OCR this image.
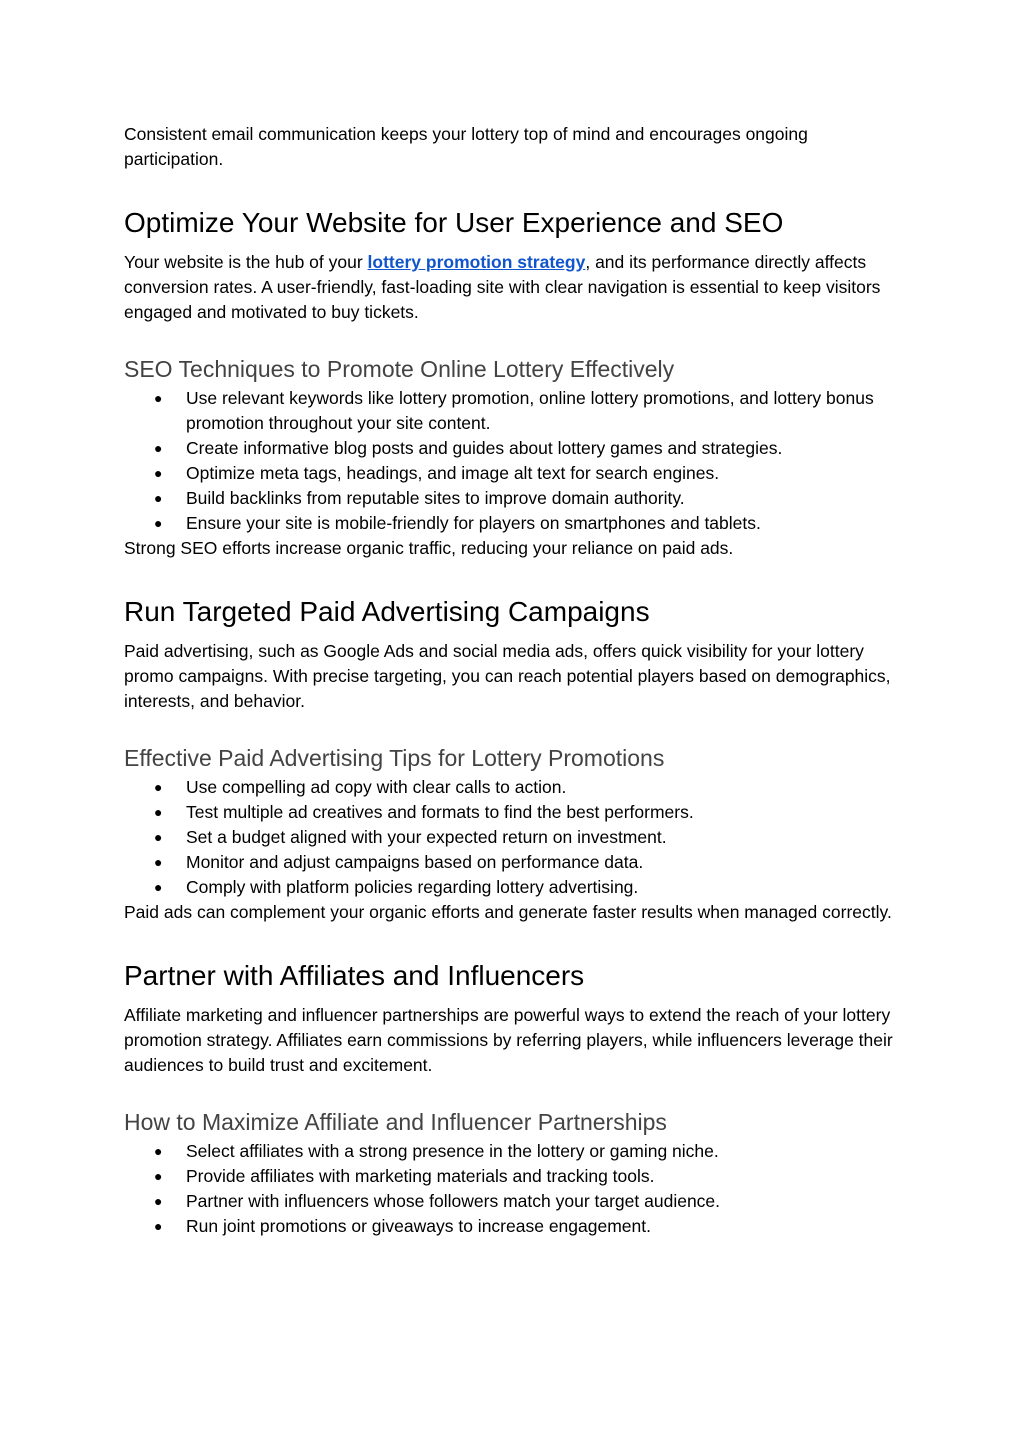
Consistent email communication keeps your lottery top of mind and encourages ongoing participation.

Optimize Your Website for User Experience and SEO

Your website is the hub of your lottery promotion strategy, and its performance directly affects conversion rates. A user-friendly, fast-loading site with clear navigation is essential to keep visitors engaged and motivated to buy tickets.

SEO Techniques to Promote Online Lottery Effectively
● Use relevant keywords like lottery promotion, online lottery promotions, and lottery bonus promotion throughout your site content.
● Create informative blog posts and guides about lottery games and strategies.
● Optimize meta tags, headings, and image alt text for search engines.
● Build backlinks from reputable sites to improve domain authority.
● Ensure your site is mobile-friendly for players on smartphones and tablets.

Strong SEO efforts increase organic traffic, reducing your reliance on paid ads.

Run Targeted Paid Advertising Campaigns

Paid advertising, such as Google Ads and social media ads, offers quick visibility for your lottery promo campaigns. With precise targeting, you can reach potential players based on demographics, interests, and behavior.

Effective Paid Advertising Tips for Lottery Promotions
● Use compelling ad copy with clear calls to action.
● Test multiple ad creatives and formats to find the best performers.
● Set a budget aligned with your expected return on investment.
● Monitor and adjust campaigns based on performance data.
● Comply with platform policies regarding lottery advertising.

Paid ads can complement your organic efforts and generate faster results when managed correctly.

Partner with Affiliates and Influencers

Affiliate marketing and influencer partnerships are powerful ways to extend the reach of your lottery promotion strategy. Affiliates earn commissions by referring players, while influencers leverage their audiences to build trust and excitement.

How to Maximize Affiliate and Influencer Partnerships
● Select affiliates with a strong presence in the lottery or gaming niche.
● Provide affiliates with marketing materials and tracking tools.
● Partner with influencers whose followers match your target audience.
● Run joint promotions or giveaways to increase engagement.
